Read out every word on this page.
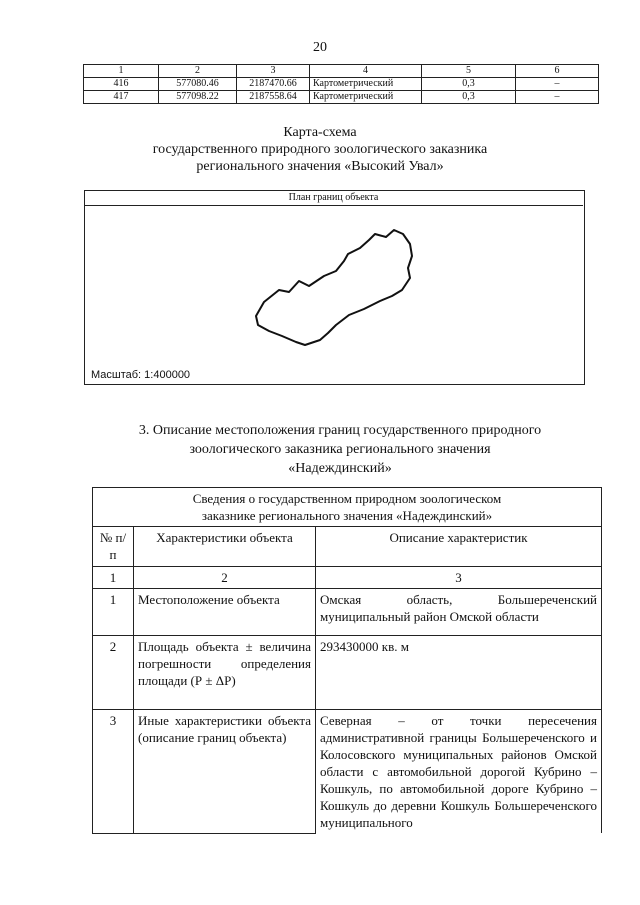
20
1	2	3	4	5	6
416	577080.46	2187470.66	Картометрический	0,3	–
417	577098.22	2187558.64	Картометрический	0,3	–
Карта-схема
государственного природного зоологического заказника
регионального значения «Высокий Увал»
План границ объекта
Масштаб: 1:400000
3. Описание местоположения границ государственного природного
зоологического заказника регионального значения
«Надеждинский»
Сведения о государственном природном зоологическом
заказнике регионального значения «Надеждинский»		

№ п/п	Характеристики объекта	Описание характеристик
1	2	3
1	Местоположение объекта	Омская область, Большереченский муниципальный район Омской области
2	Площадь объекта ± величина погрешности определения площади (Р ± ΔР)	293430000 кв. м
3	Иные характеристики объекта (описание границ объекта)	Северная – от точки пересечения административной границы Большереченского и Колосовского муниципальных районов Омской области с автомобильной дорогой Кубрино – Кошкуль, по автомобильной дороге Кубрино – Кошкуль до деревни Кошкуль Большереченского муниципального
